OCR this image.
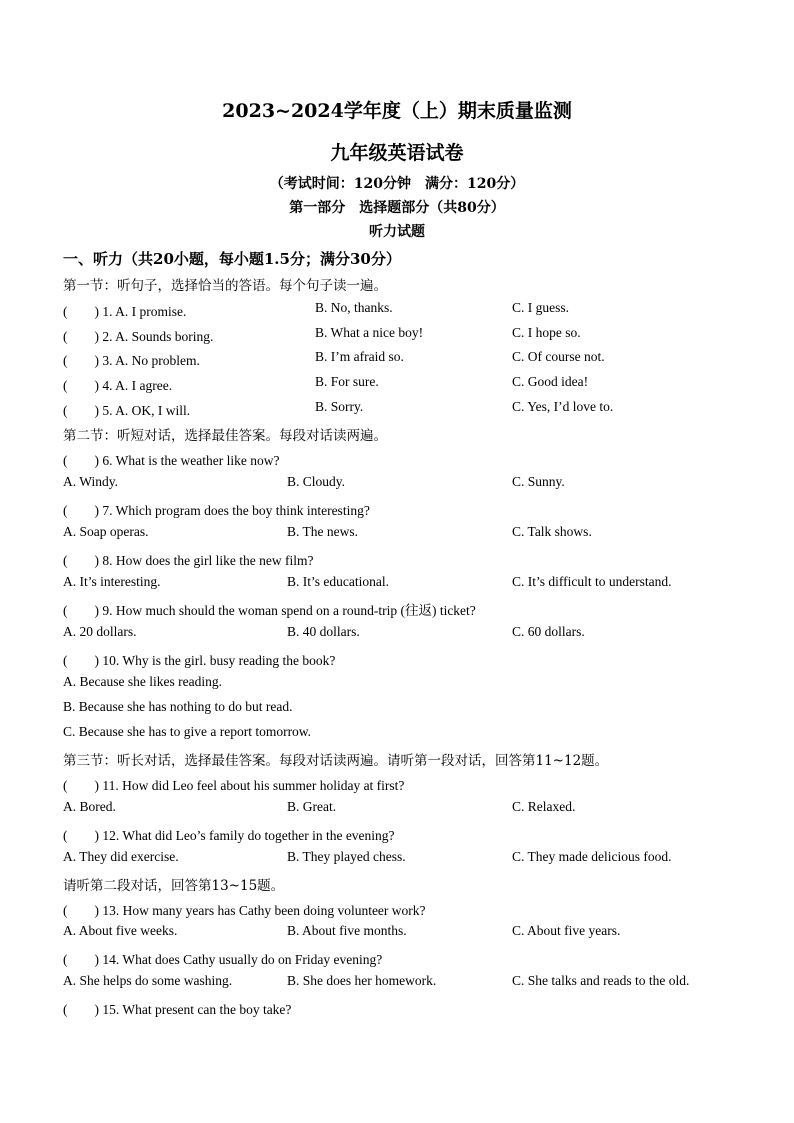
2023~2024学年度（上）期末质量监测
九年级英语试卷
（考试时间：120分钟　满分：120分）
第一部分　选择题部分（共80分）
听力试题
一、听力（共20小题，每小题1.5分；满分30分）
第一节：听句子，选择恰当的答语。每个句子读一遍。
(　　) 1. A. I promise.	B. No, thanks.	C. I guess.
(　　) 2. A. Sounds boring.	B. What a nice boy!	C. I hope so.
(　　) 3. A. No problem.	B. I’m afraid so.	C. Of course not.
(　　) 4. A. I agree.	B. For sure.	C. Good idea!
(　　) 5. A. OK, I will.	B. Sorry.	C. Yes, I’d love to.
第二节：听短对话，选择最佳答案。每段对话读两遍。
(　　) 6. What is the weather like now?
A. Windy.	B. Cloudy.	C. Sunny.
(　　) 7. Which program does the boy think interesting?
A. Soap operas.	B. The news.	C. Talk shows.
(　　) 8. How does the girl like the new film?
A. It’s interesting.	B. It’s educational.	C. It’s difficult to understand.
(　　) 9. How much should the woman spend on a round-trip (往返) ticket?
A. 20 dollars.	B. 40 dollars.	C. 60 dollars.
(　　) 10. Why is the girl. busy reading the book?
A. Because she likes reading.
B. Because she has nothing to do but read.
C. Because she has to give a report tomorrow.
第三节：听长对话，选择最佳答案。每段对话读两遍。请听第一段对话，回答第11~12题。
(　　) 11. How did Leo feel about his summer holiday at first?
A. Bored.	B. Great.	C. Relaxed.
(　　) 12. What did Leo’s family do together in the evening?
A. They did exercise.	B. They played chess.	C. They made delicious food.
请听第二段对话，回答第13~15题。
(　　) 13. How many years has Cathy been doing volunteer work?
A. About five weeks.	B. About five months.	C. About five years.
(　　) 14. What does Cathy usually do on Friday evening?
A. She helps do some washing.	B. She does her homework.	C. She talks and reads to the old.
(　　) 15. What present can the boy take?
